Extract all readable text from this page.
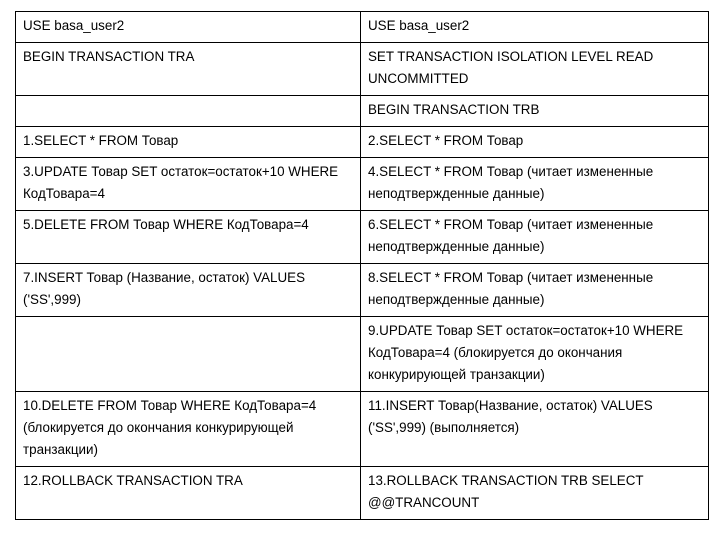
USE basa_user2	USE basa_user2
BEGIN TRANSACTION TRA	SET TRANSACTION ISOLATION LEVEL READ UNCOMMITTED
	BEGIN TRANSACTION TRB
1.SELECT * FROM Товар	2.SELECT * FROM Товар
3.UPDATE Товар SET остаток=остаток+10 WHERE КодТовара=4	4.SELECT * FROM Товар (читает измененные неподтвержденные данные)
5.DELETE FROM Товар WHERE КодТовара=4	6.SELECT * FROM Товар (читает измененные неподтвержденные данные)
7.INSERT Товар (Название, остаток) VALUES ('SS',999)	8.SELECT * FROM Товар (читает измененные неподтвержденные данные)
	9.UPDATE Товар SET остаток=остаток+10 WHERE КодТовара=4 (блокируется до окончания конкурирующей транзакции)
10.DELETE FROM Товар WHERE КодТовара=4 (блокируется до окончания конкурирующей транзакции)	11.INSERT Товар(Название, остаток) VALUES ('SS',999) (выполняется)
12.ROLLBACK TRANSACTION TRA	13.ROLLBACK TRANSACTION TRB SELECT @@TRANCOUNT
